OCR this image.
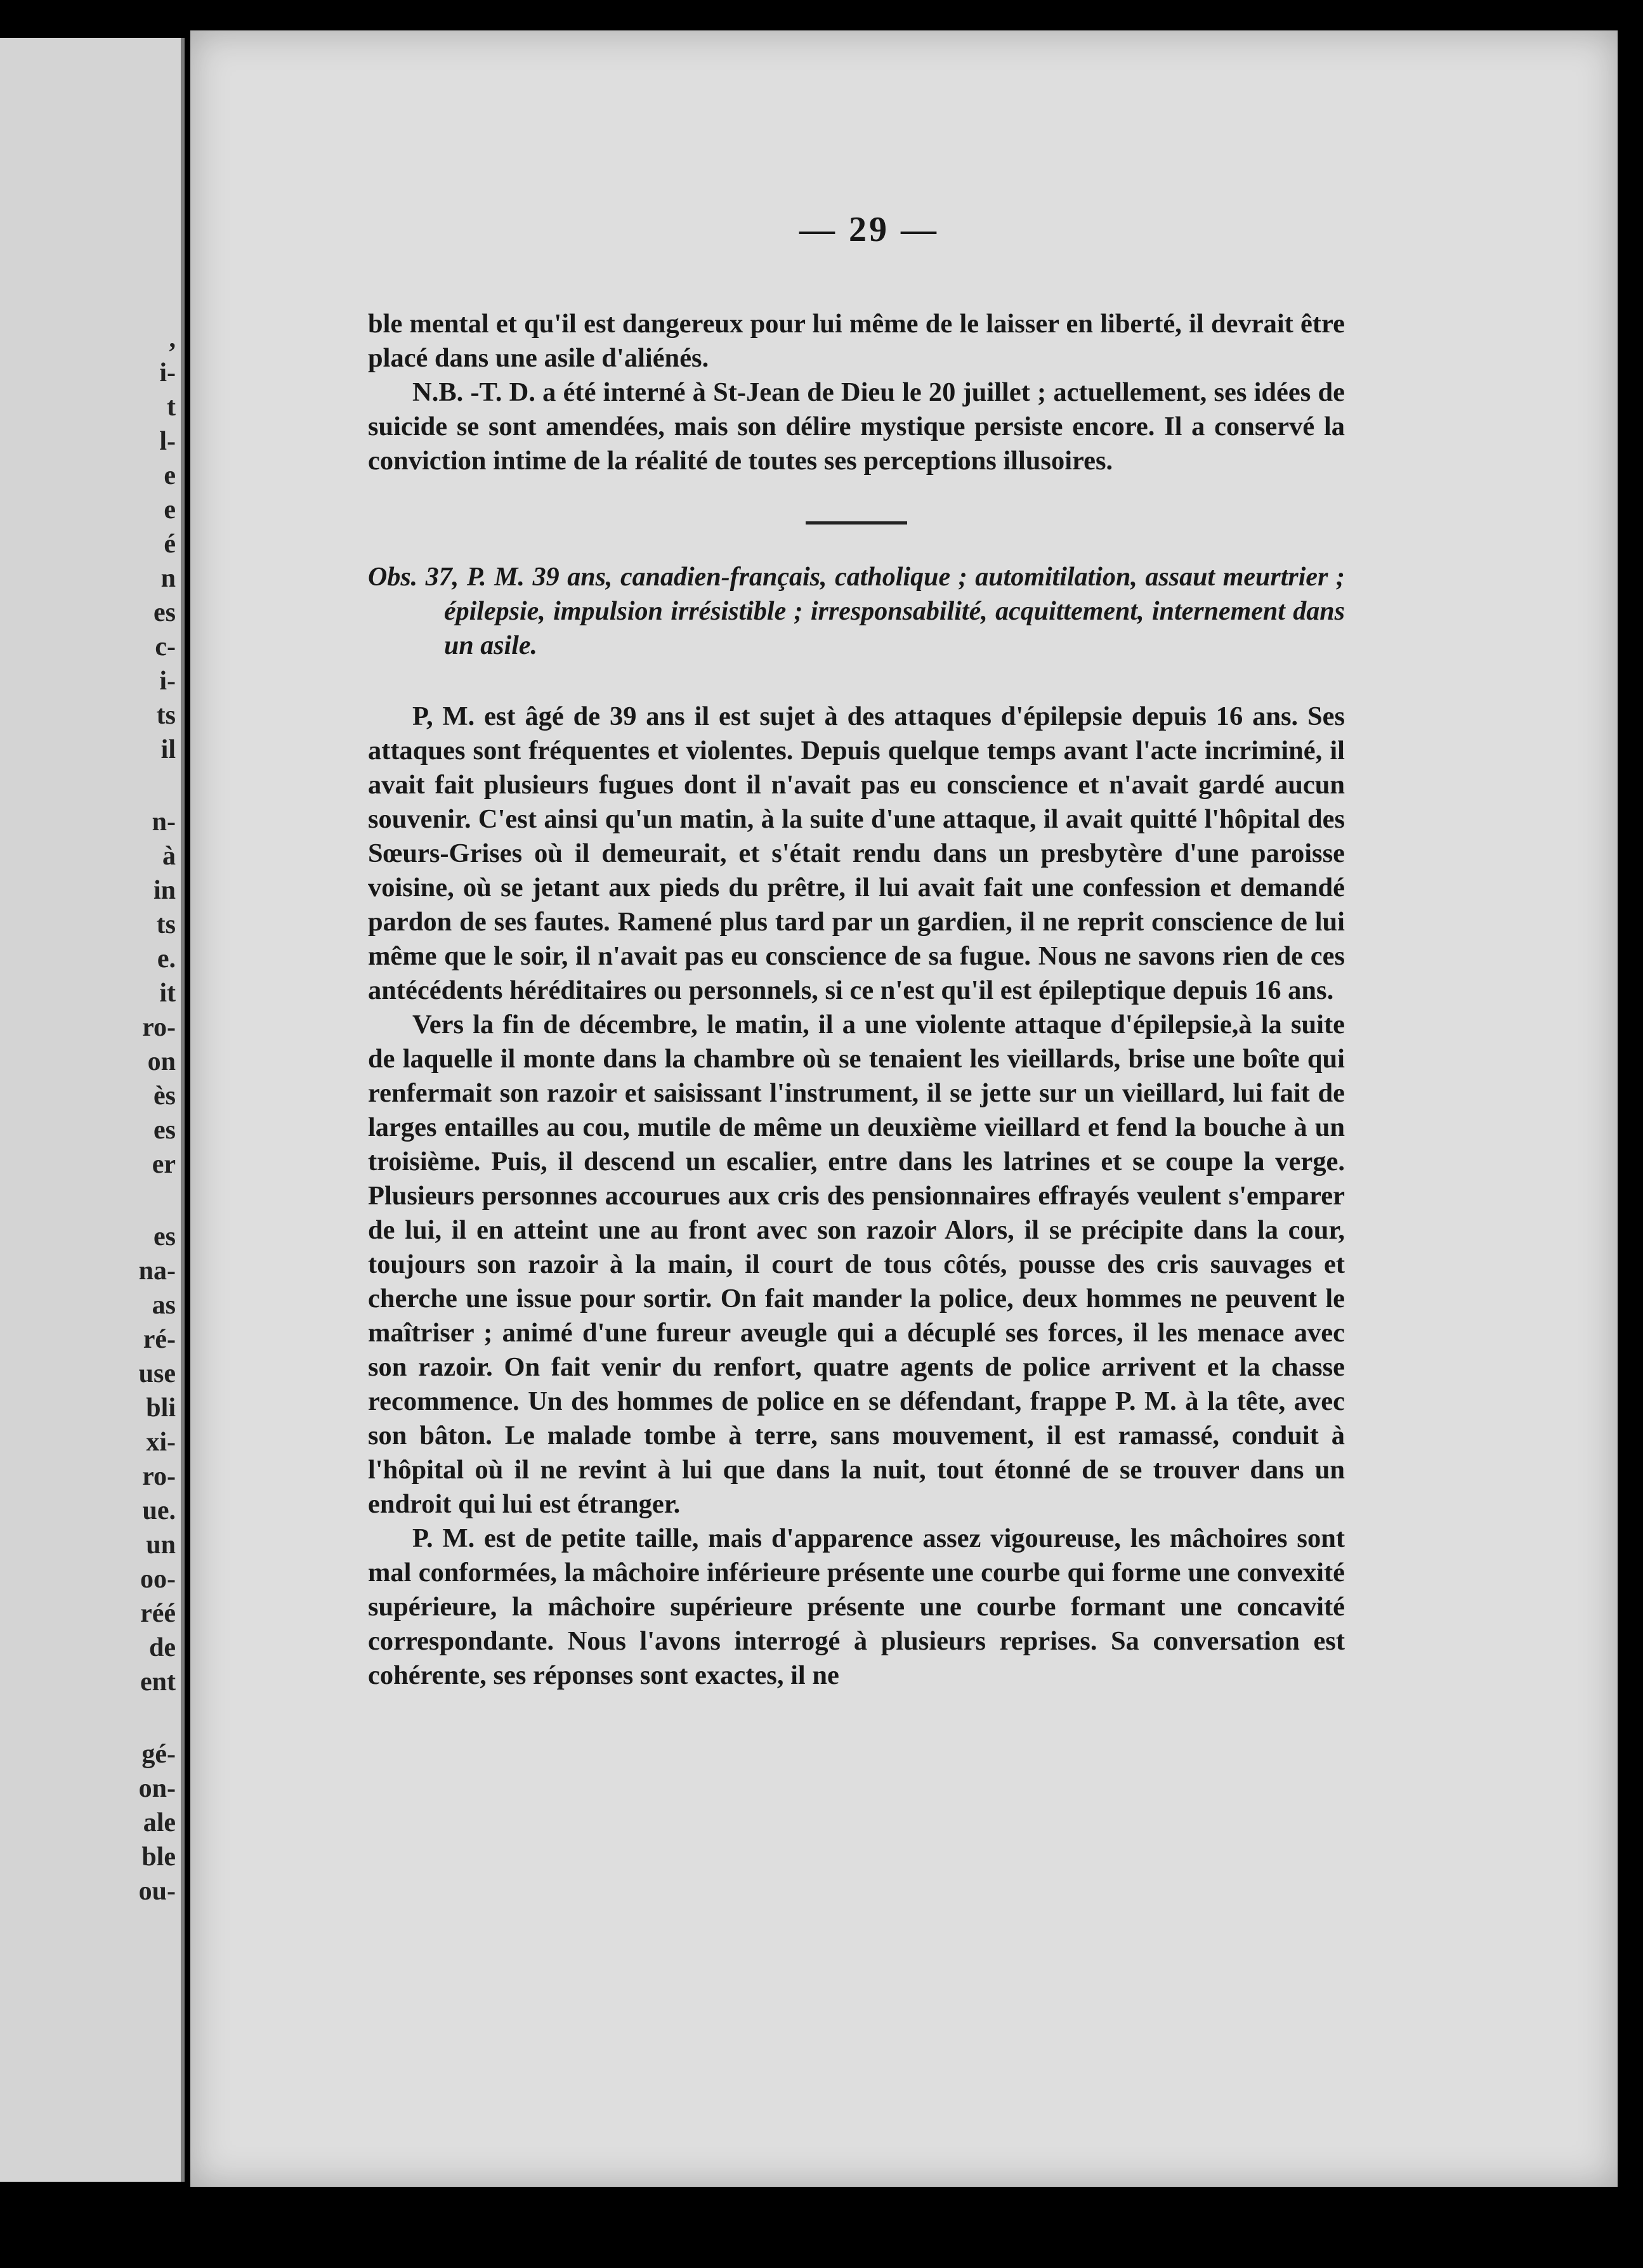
,
i-
t
l-
e
e
é
n
es
c-
i-
ts
il
n-
à
in
ts
e.
it
ro-
on
ès
es
er
es
na-
as
ré-
use
bli
xi-
ro-
ue.
un
oo-
réé
de
ent
gé-
on-
ale
ble
ou-
— 29 —

ble mental et qu'il est dangereux pour lui même de le laisser en liberté, il devrait être placé dans une asile d'aliénés.

N.B. -T. D. a été interné à St-Jean de Dieu le 20 juillet ; actuellement, ses idées de suicide se sont amendées, mais son délire mystique persiste encore. Il a conservé la conviction intime de la réalité de toutes ses perceptions illusoires.

Obs. 37, P. M. 39 ans, canadien-français, catholique ; automitilation, assaut meurtrier ; épilepsie, impulsion irrésistible ; irresponsabilité, acquittement, internement dans un asile.

P, M. est âgé de 39 ans il est sujet à des attaques d'épilepsie depuis 16 ans. Ses attaques sont fréquentes et violentes. Depuis quelque temps avant l'acte incriminé, il avait fait plusieurs fugues dont il n'avait pas eu conscience et n'avait gardé aucun souvenir. C'est ainsi qu'un matin, à la suite d'une attaque, il avait quitté l'hôpital des Sœurs-Grises où il demeurait, et s'était rendu dans un presbytère d'une paroisse voisine, où se jetant aux pieds du prêtre, il lui avait fait une confession et demandé pardon de ses fautes. Ramené plus tard par un gardien, il ne reprit conscience de lui même que le soir, il n'avait pas eu conscience de sa fugue. Nous ne savons rien de ces antécédents héréditaires ou personnels, si ce n'est qu'il est épileptique depuis 16 ans.

Vers la fin de décembre, le matin, il a une violente attaque d'épilepsie,à la suite de laquelle il monte dans la chambre où se tenaient les vieillards, brise une boîte qui renfermait son razoir et saisissant l'instrument, il se jette sur un vieillard, lui fait de larges entailles au cou, mutile de même un deuxième vieillard et fend la bouche à un troisième. Puis, il descend un escalier, entre dans les latrines et se coupe la verge. Plusieurs personnes accourues aux cris des pensionnaires effrayés veulent s'emparer de lui, il en atteint une au front avec son razoir Alors, il se précipite dans la cour, toujours son razoir à la main, il court de tous côtés, pousse des cris sauvages et cherche une issue pour sortir. On fait mander la police, deux hommes ne peuvent le maîtriser ; animé d'une fureur aveugle qui a décuplé ses forces, il les menace avec son razoir. On fait venir du renfort, quatre agents de police arrivent et la chasse recommence. Un des hommes de police en se défendant, frappe P. M. à la tête, avec son bâton. Le malade tombe à terre, sans mouvement, il est ramassé, conduit à l'hôpital où il ne revint à lui que dans la nuit, tout étonné de se trouver dans un endroit qui lui est étranger.

P. M. est de petite taille, mais d'apparence assez vigoureuse, les mâchoires sont mal conformées, la mâchoire inférieure présente une courbe qui forme une convexité supérieure, la mâchoire supérieure présente une courbe formant une concavité correspondante. Nous l'avons interrogé à plusieurs reprises. Sa conversation est cohérente, ses réponses sont exactes, il ne
